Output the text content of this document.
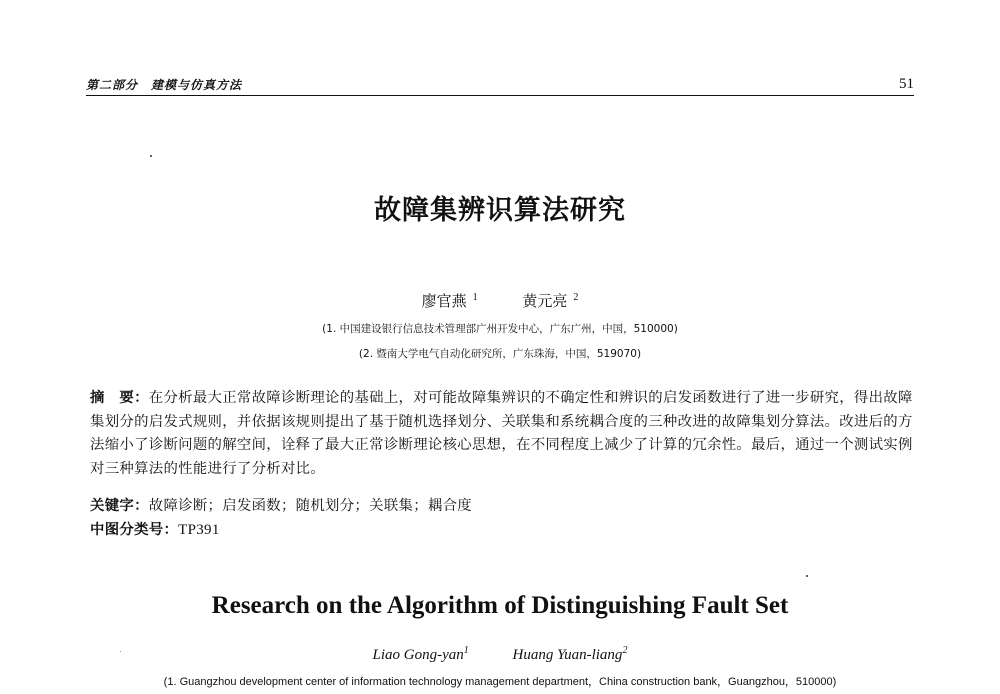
第二部分　建模与仿真方法	51
故障集辨识算法研究
廖官燕 $^1$	黄元亮 $^2$
(1. 中国建设银行信息技术管理部广州开发中心，广东广州，中国，510000)
(2. 暨南大学电气自动化研究所，广东珠海，中国，519070)
摘　要：在分析最大正常故障诊断理论的基础上，对可能故障集辨识的不确定性和辨识的启发函数进行了进一步研究，得出故障集划分的启发式规则，并依据该规则提出了基于随机选择划分、关联集和系统耦合度的三种改进的故障集划分算法。改进后的方法缩小了诊断问题的解空间，诠释了最大正常诊断理论核心思想，在不同程度上减少了计算的冗余性。最后，通过一个测试实例对三种算法的性能进行了分析对比。
关键字：故障诊断；启发函数；随机划分；关联集；耦合度
中图分类号：TP391
Research on the Algorithm of Distinguishing Fault Set
Liao Gong-yan$^1$	Huang Yuan-liang$^2$
(1. Guangzhou development center of information technology management department，China construction bank，Guangzhou，510000)
